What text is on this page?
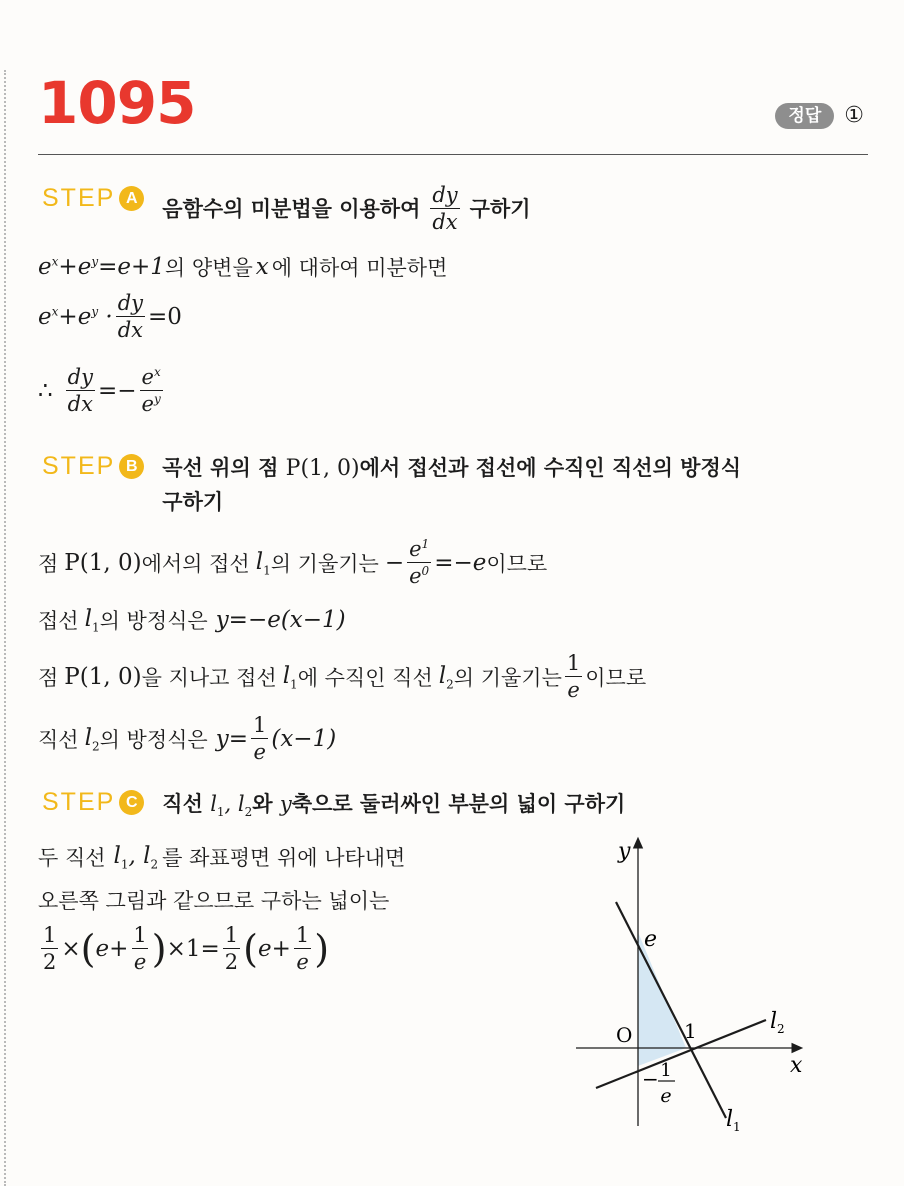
1095	정답	①
STEP A	음함수의 미분법을 이용하여 $\frac{dy}{dx}$ 구하기
$e^x+e^y=e+1$ 의 양변을 x 에 대하여 미분하면
$e^x+e^y \cdot \frac{dy}{dx} =0$
∴ $\frac{dy}{dx} =- \frac{e^x}{e^y}$
STEP B	곡선 위의 점 P(1, 0)에서 접선과 접선에 수직인 직선의 방정식
구하기
점 P(1, 0) 에서의 접선 $l_1$ 의 기울기는 − $\frac{e^1}{e^0} =-e$ 이므로
접선 $l_1$ 의 방정식은 y=−e(x−1)
점 P(1, 0) 을 지나고 접선 $l_1$ 에 수직인 직선 $l_2$ 의 기울기는 $\frac{1}{e}$ 이므로
직선 $l_2$ 의 방정식은 $y= \frac{1}{e} (x-1)$
STEP C	직선 $l_1$, $l_2$와 y축으로 둘러싸인 부분의 넓이 구하기
두 직선 $l_1$, $l_2$ 를 좌표평면 위에 나타내면
오른쪽 그림과 같으므로 구하는 넓이는
$\frac{1}{2}$ × ( $e+ \frac{1}{e}$ ) $\times 1= \frac{1}{2}$ ( $e+ \frac{1}{e}$ )
y
x
O
e
1	$l_2$
$l_1$
− 1
e
